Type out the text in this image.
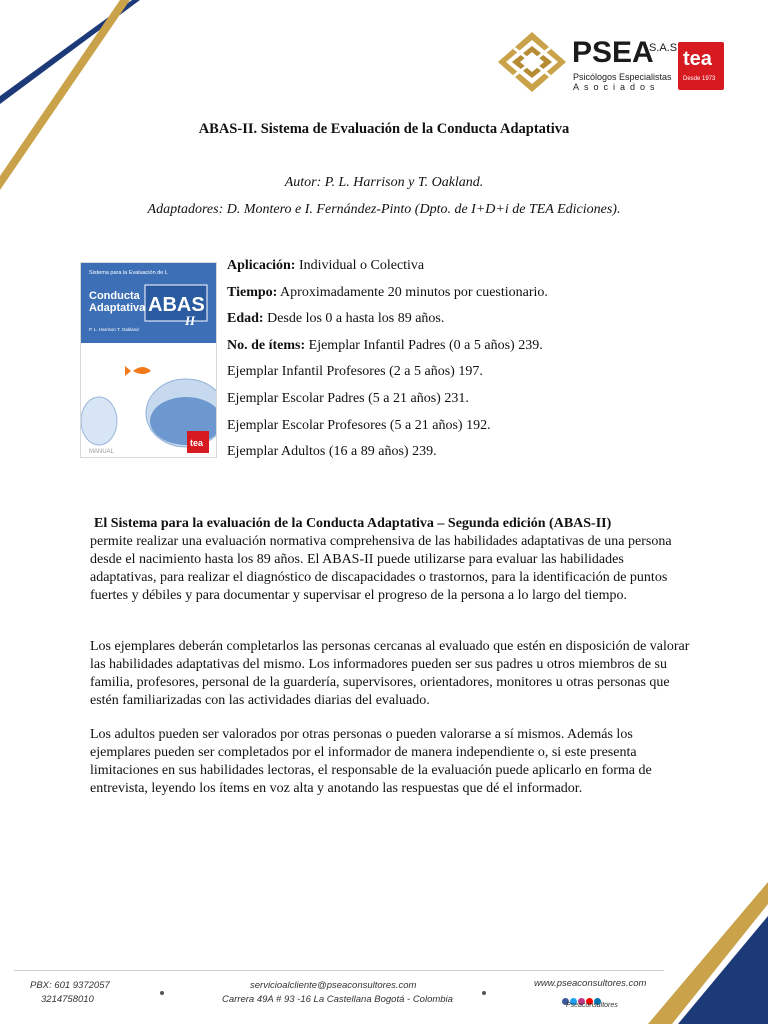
PSEA
S.A.S
Psicólogos Especialistas
Asociados
tea
Desde 1973
ABAS-II. Sistema de Evaluación de la Conducta Adaptativa
Autor: P. L. Harrison y T. Oakland.
Adaptadores: D. Montero e I. Fernández-Pinto (Dpto. de I+D+i de TEA Ediciones).
Sistema para la Evaluación de L
Conducta
Adaptativa ABAS
II
P. L. Harrison T. Oakland
tea
MANUAL
Aplicación: Individual o Colectiva
Tiempo: Aproximadamente 20 minutos por cuestionario.
Edad: Desde los 0 a hasta los 89 años.
No. de ítems: Ejemplar Infantil Padres (0 a 5 años) 239.
Ejemplar Infantil Profesores (2 a 5 años) 197.
Ejemplar Escolar Padres (5 a 21 años) 231.
Ejemplar Escolar Profesores (5 a 21 años) 192.
Ejemplar Adultos (16 a 89 años) 239.
El Sistema para la evaluación de la Conducta Adaptativa – Segunda edición (ABAS-II)
permite realizar una evaluación normativa comprehensiva de las habilidades adaptativas de una persona desde el nacimiento hasta los 89 años. El ABAS-II puede utilizarse para evaluar las habilidades adaptativas, para realizar el diagnóstico de discapacidades o trastornos, para la identificación de puntos fuertes y débiles y para documentar y supervisar el progreso de la persona a lo largo del tiempo.
Los ejemplares deberán completarlos las personas cercanas al evaluado que estén en disposición de valorar las habilidades adaptativas del mismo. Los informadores pueden ser sus padres u otros miembros de su familia, profesores, personal de la guardería, supervisores, orientadores, monitores u otras personas que estén familiarizadas con las actividades diarias del evaluado.
Los adultos pueden ser valorados por otras personas o pueden valorarse a sí mismos. Además los ejemplares pueden ser completados por el informador de manera independiente o, si este presenta limitaciones en sus habilidades lectoras, el responsable de la evaluación puede aplicarlo en forma de entrevista, leyendo los ítems en voz alta y anotando las respuestas que dé el informador.
PBX: 601 9372057
3214758010
servicioalcliente@pseaconsultores.com
Carrera 49A # 93 -16 La Castellana Bogotá - Colombia
www.pseaconsultores.com
Pseaconsultores
